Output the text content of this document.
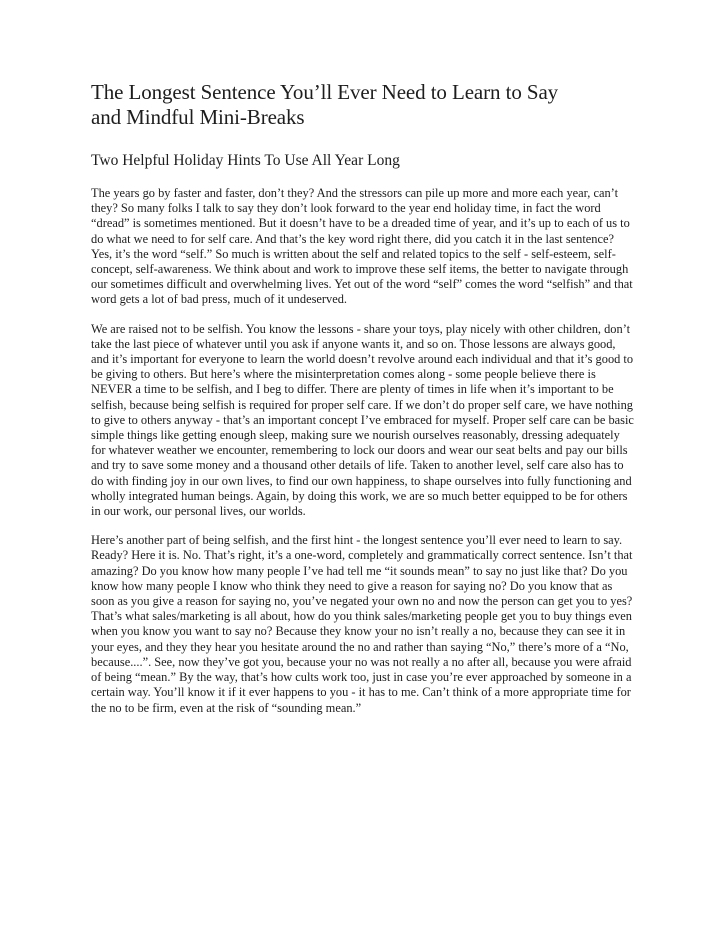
The Longest Sentence You’ll Ever Need to Learn to Say
and Mindful Mini-Breaks
Two Helpful Holiday Hints To Use All Year Long

The years go by faster and faster, don’t they? And the stressors can pile up more and more each year, can’t they? So many folks I talk to say they don’t look forward to the year end holiday time, in fact the word “dread” is sometimes mentioned. But it doesn’t have to be a dreaded time of year, and it’s up to each of us to do what we need to for self care. And that’s the key word right there, did you catch it in the last sentence? Yes, it’s the word “self.” So much is written about the self and related topics to the self - self-esteem, self-concept, self-awareness. We think about and work to improve these self items, the better to navigate through our sometimes difficult and overwhelming lives. Yet out of the word “self” comes the word “selfish” and that word gets a lot of bad press, much of it undeserved.

We are raised not to be selfish. You know the lessons - share your toys, play nicely with other children, don’t take the last piece of whatever until you ask if anyone wants it, and so on. Those lessons are always good, and it’s important for everyone to learn the world doesn’t revolve around each individual and that it’s good to be giving to others. But here’s where the misinterpretation comes along - some people believe there is NEVER a time to be selfish, and I beg to differ. There are plenty of times in life when it’s important to be selfish, because being selfish is required for proper self care. If we don’t do proper self care, we have nothing to give to others anyway - that’s an important concept I’ve embraced for myself. Proper self care can be basic simple things like getting enough sleep, making sure we nourish ourselves reasonably, dressing adequately for whatever weather we encounter, remembering to lock our doors and wear our seat belts and pay our bills and try to save some money and a thousand other details of life. Taken to another level, self care also has to do with finding joy in our own lives, to find our own happiness, to shape ourselves into fully functioning and wholly integrated human beings. Again, by doing this work, we are so much better equipped to be for others in our work, our personal lives, our worlds.

Here’s another part of being selfish, and the first hint - the longest sentence you’ll ever need to learn to say. Ready? Here it is. No. That’s right, it’s a one-word, completely and grammatically correct sentence. Isn’t that amazing? Do you know how many people I’ve had tell me “it sounds mean” to say no just like that? Do you know how many people I know who think they need to give a reason for saying no? Do you know that as soon as you give a reason for saying no, you’ve negated your own no and now the person can get you to yes? That’s what sales/marketing is all about, how do you think sales/marketing people get you to buy things even when you know you want to say no? Because they know your no isn’t really a no, because they can see it in your eyes, and they they hear you hesitate around the no and rather than saying “No,” there’s more of a “No, because....”. See, now they’ve got you, because your no was not really a no after all, because you were afraid of being “mean.” By the way, that’s how cults work too, just in case you’re ever approached by someone in a certain way. You’ll know it if it ever happens to you - it has to me. Can’t think of a more appropriate time for the no to be firm, even at the risk of “sounding mean.”
